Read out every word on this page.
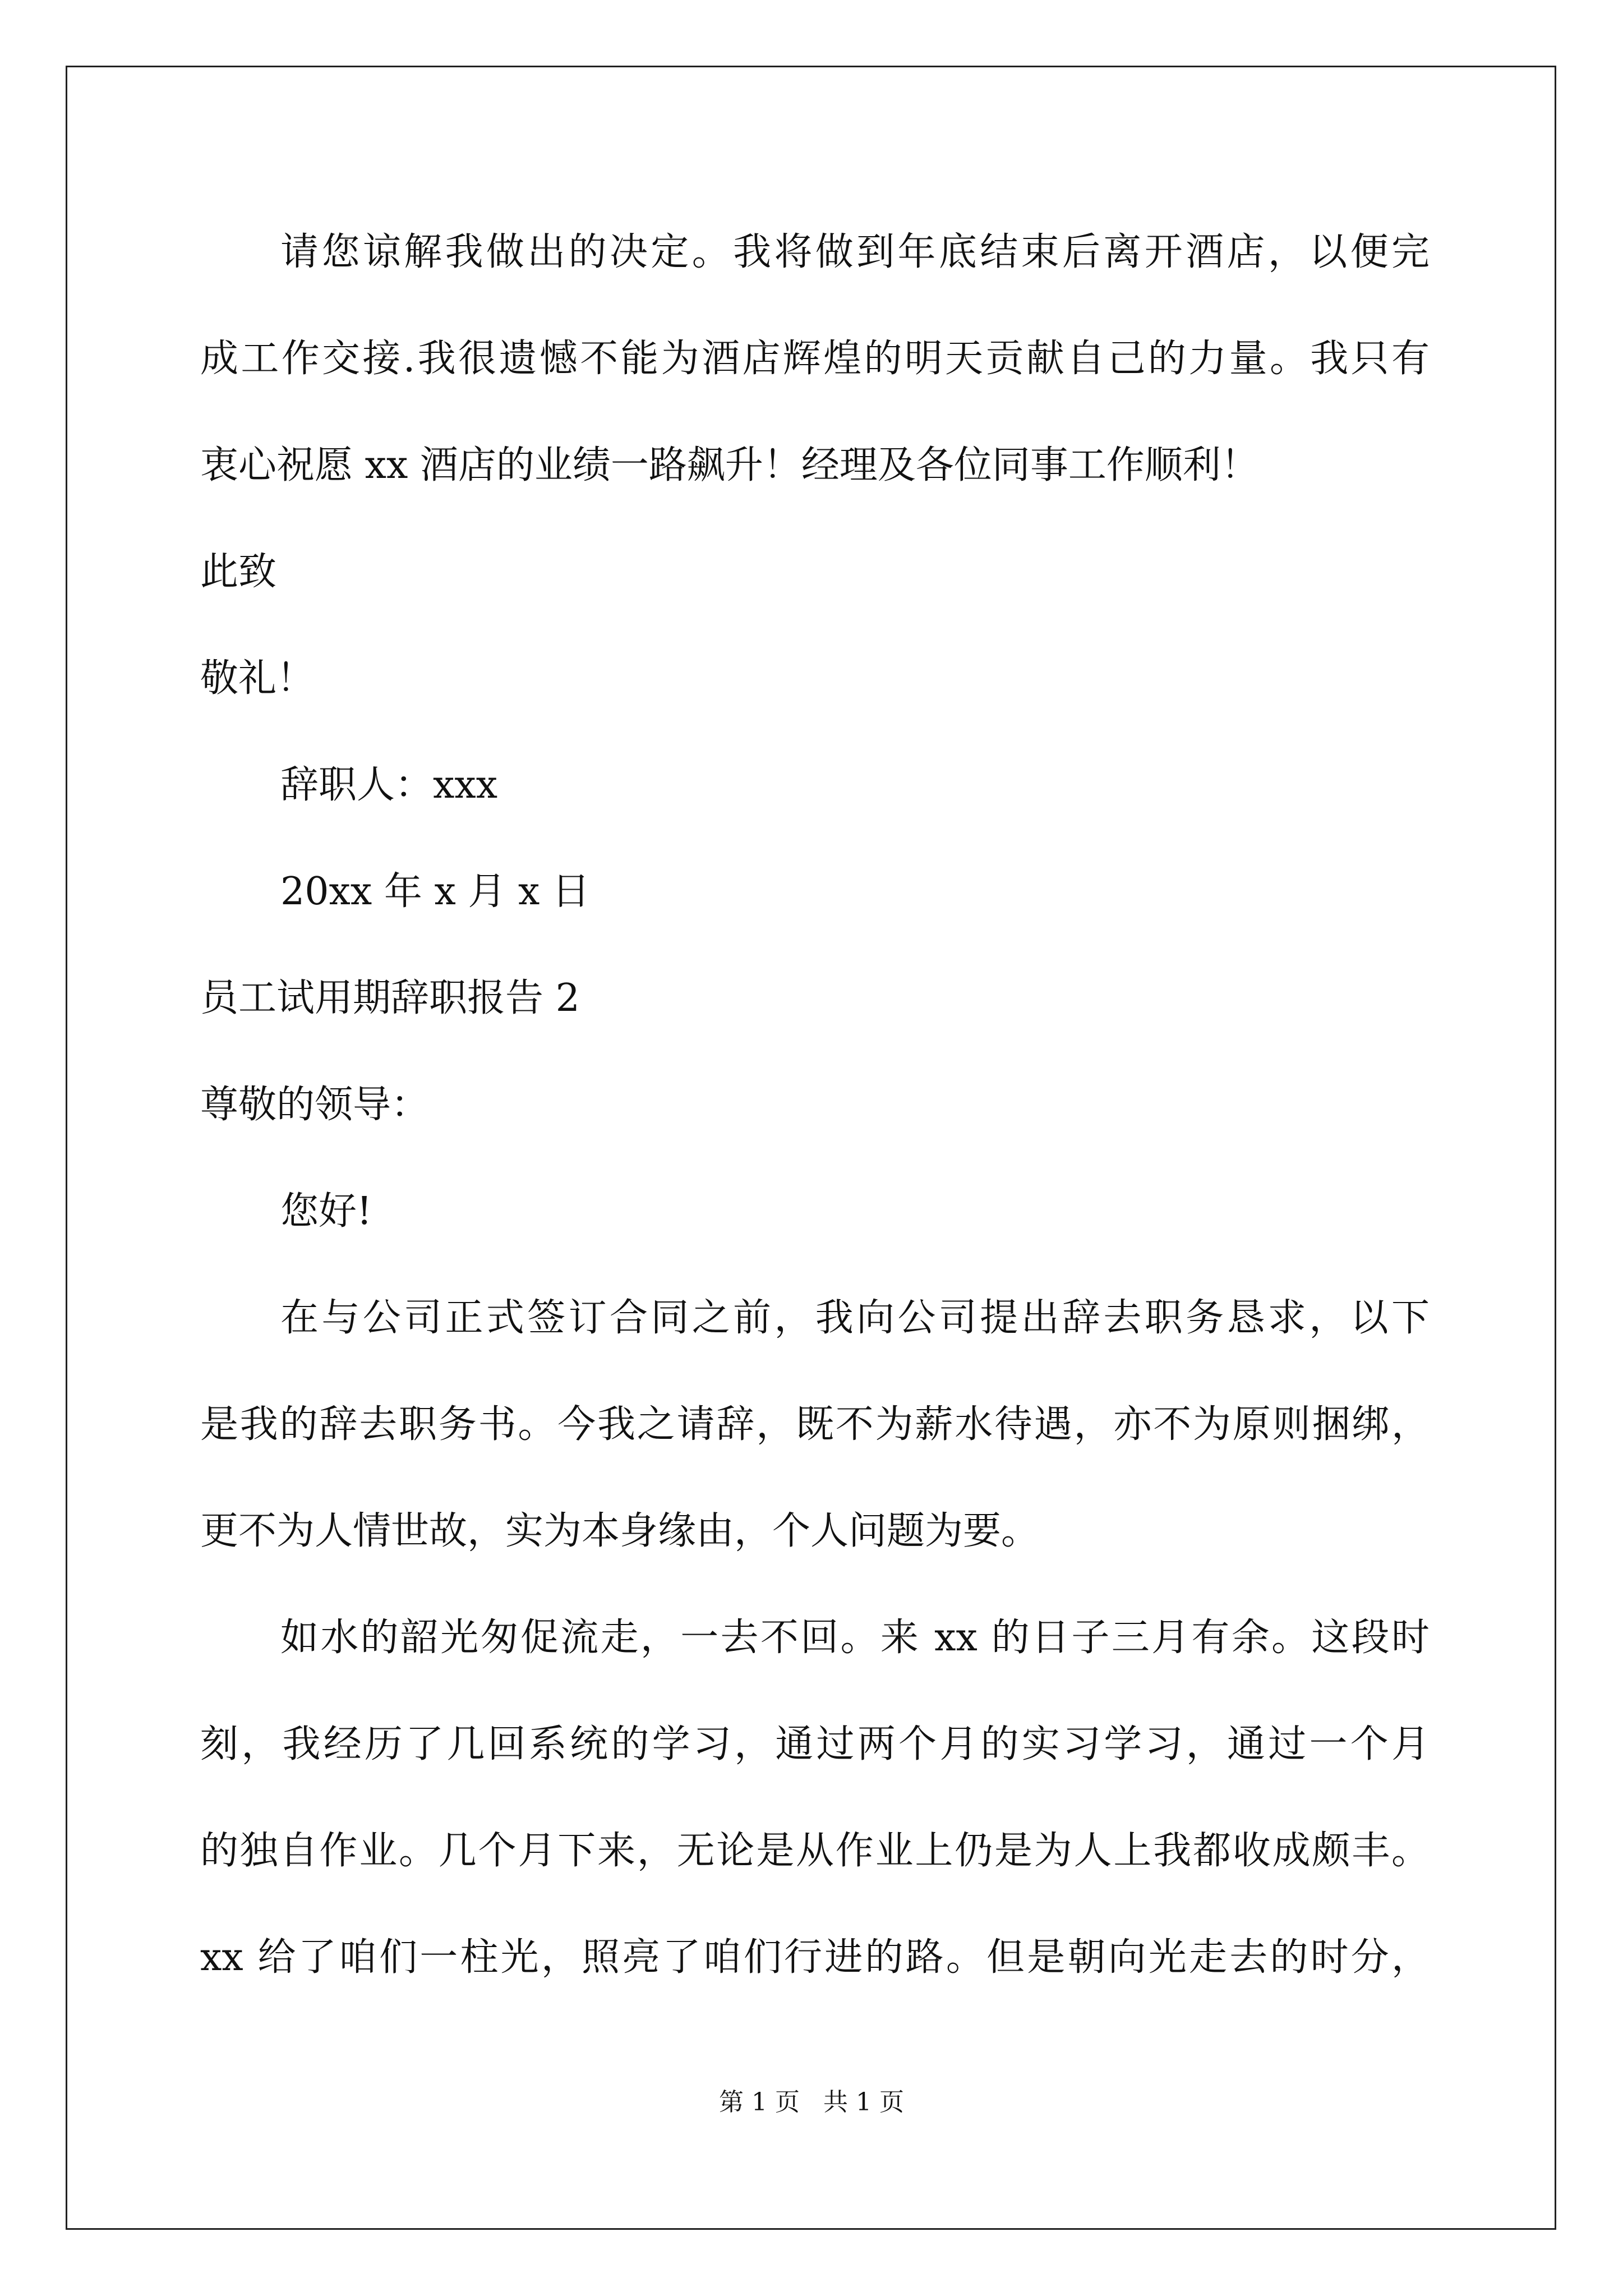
请您谅解我做出的决定。我将做到年底结束后离开酒店，以便完
成工作交接.我很遗憾不能为酒店辉煌的明天贡献自己的力量。我只有
衷心祝愿 xx 酒店的业绩一路飙升！经理及各位同事工作顺利！
此致
敬礼！
辞职人：xxx
20xx 年 x 月 x 日
员工试用期辞职报告 2
尊敬的领导：
您好!
在与公司正式签订合同之前，我向公司提出辞去职务恳求，以下
是我的辞去职务书。今我之请辞，既不为薪水待遇，亦不为原则捆绑，
更不为人情世故，实为本身缘由，个人问题为要。
如水的韶光匆促流走，一去不回。来 xx 的日子三月有余。这段时
刻，我经历了几回系统的学习，通过两个月的实习学习，通过一个月
的独自作业。几个月下来，无论是从作业上仍是为人上我都收成颇丰。
xx 给了咱们一柱光，照亮了咱们行进的路。但是朝向光走去的时分，
第 1 页   共 1 页
